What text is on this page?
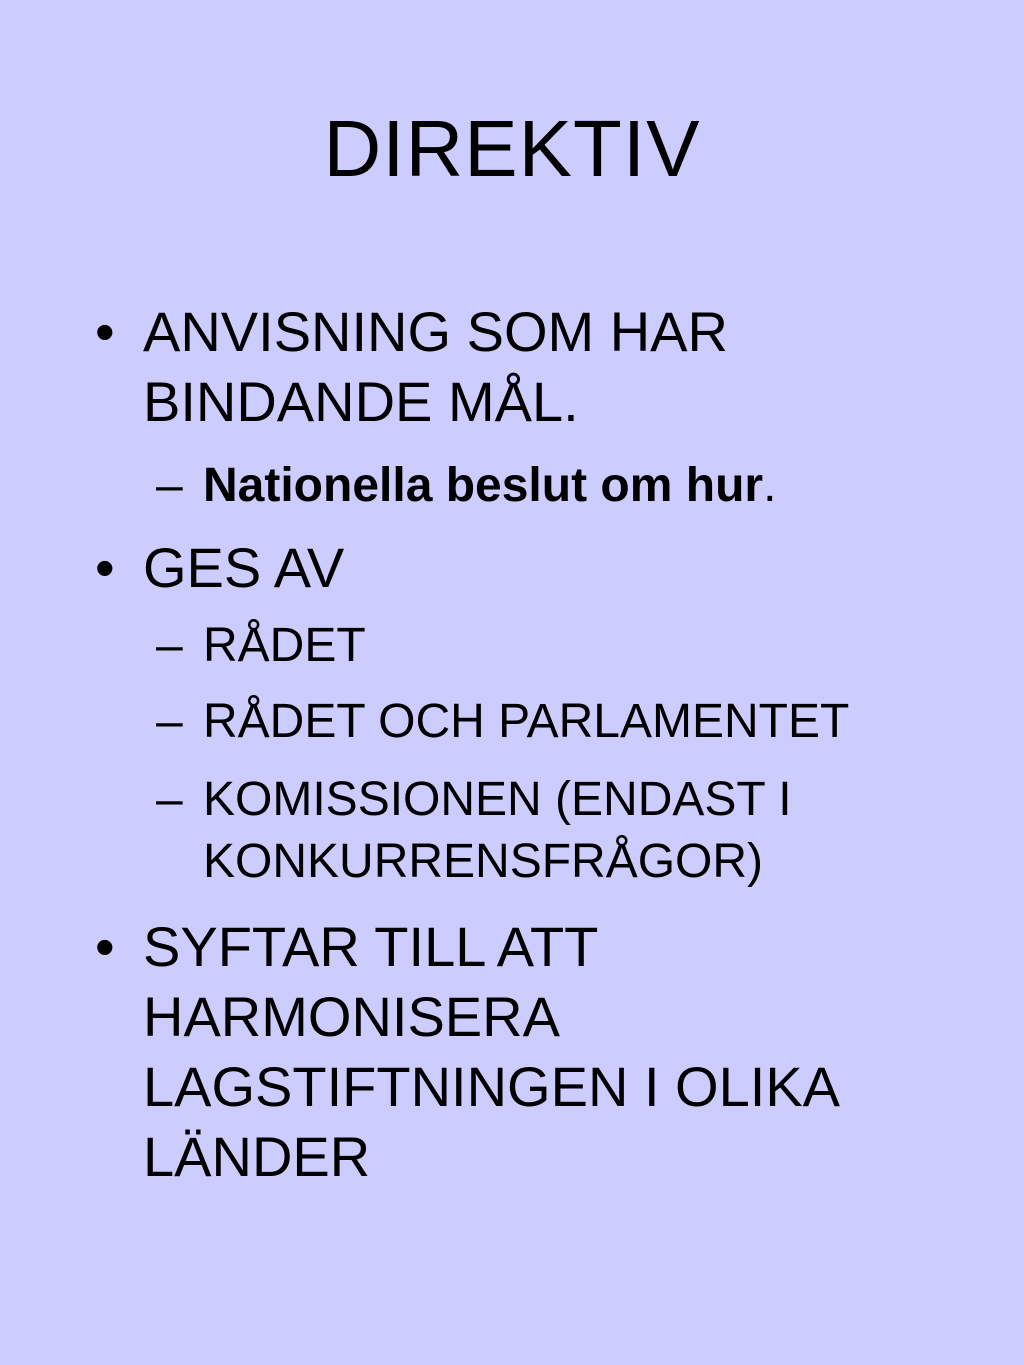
DIREKTIV
• ANVISNING SOM HAR
BINDANDE MÅL.
– Nationella beslut om hur.
• GES AV
– RÅDET
– RÅDET OCH PARLAMENTET
– KOMISSIONEN (ENDAST I
KONKURRENSFRÅGOR)
• SYFTAR TILL ATT
HARMONISERA
LAGSTIFTNINGEN I OLIKA
LÄNDER
